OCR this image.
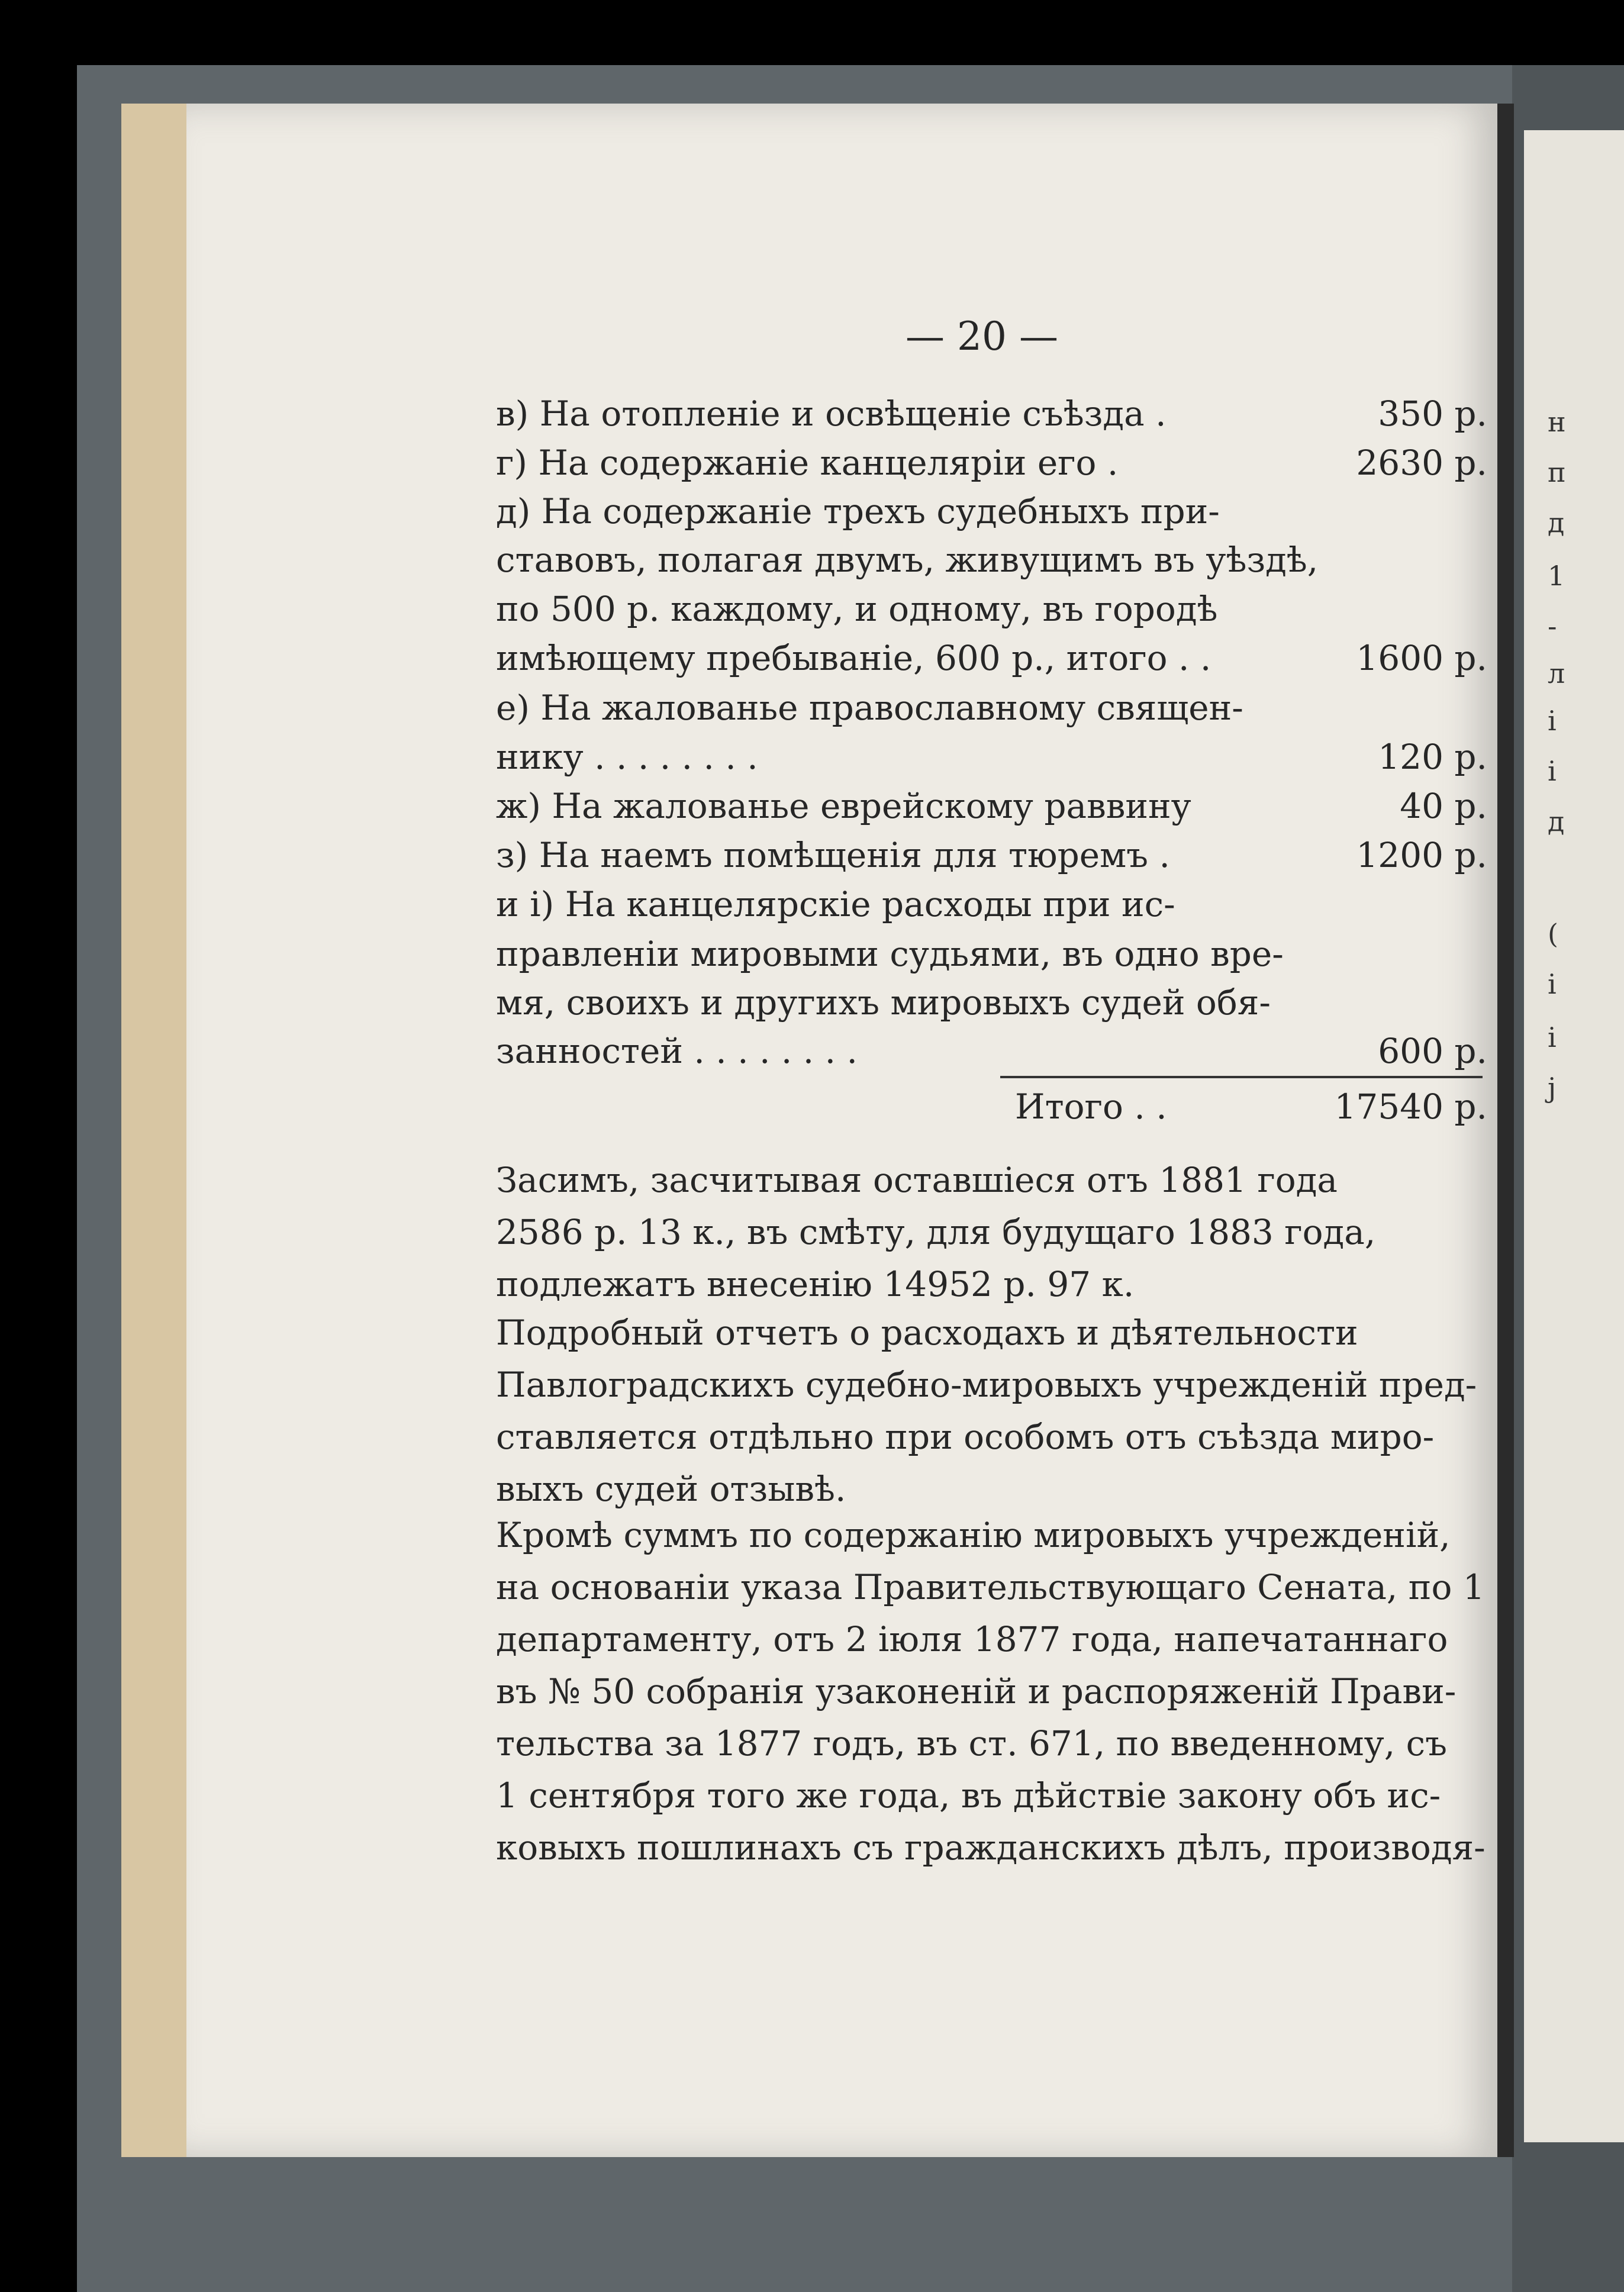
н
п
д
1
-
л
i
і
д
(
і
і
j
— 20 —
в) На отопленіе и освѣщеніе съѣзда .	350 р.
г) На содержаніе канцеляріи его .	2630 р.
д) На содержаніе трехъ судебныхъ при-
ставовъ, полагая двумъ, живущимъ въ уѣздѣ,
по 500 р. каждому, и одному, въ городѣ
имѣющему пребываніе, 600 р., итого . .	1600 р.
е) На жалованье православному священ-
нику . . . . . . . .	120 р.
ж) На жалованье еврейскому раввину	40 р.
з) На наемъ помѣщенія для тюремъ .	1200 р.
и i) На канцелярскіе расходы при ис-
правленіи мировыми судьями, въ одно вре-
мя, своихъ и другихъ мировыхъ судей обя-
занностей . . . . . . . .	600 р.
Итого . .	17540 р.
Засимъ, засчитывая оставшіеся отъ 1881 года
2586 р. 13 к., въ смѣту, для будущаго 1883 года,
подлежатъ внесенію 14952 р. 97 к.
Подробный отчетъ о расходахъ и дѣятельности
Павлоградскихъ судебно-мировыхъ учрежденій пред-
ставляется отдѣльно при особомъ отъ съѣзда миро-
выхъ судей отзывѣ.
Кромѣ суммъ по содержанію мировыхъ учрежденій,
на основаніи указа Правительствующаго Сената, по 1
департаменту, отъ 2 іюля 1877 года, напечатаннаго
въ № 50 собранія узаконеній и распоряженій Прави-
тельства за 1877 годъ, въ ст. 671, по введенному, съ
1 сентября того же года, въ дѣйствіе закону объ ис-
ковыхъ пошлинахъ съ гражданскихъ дѣлъ, производя-
